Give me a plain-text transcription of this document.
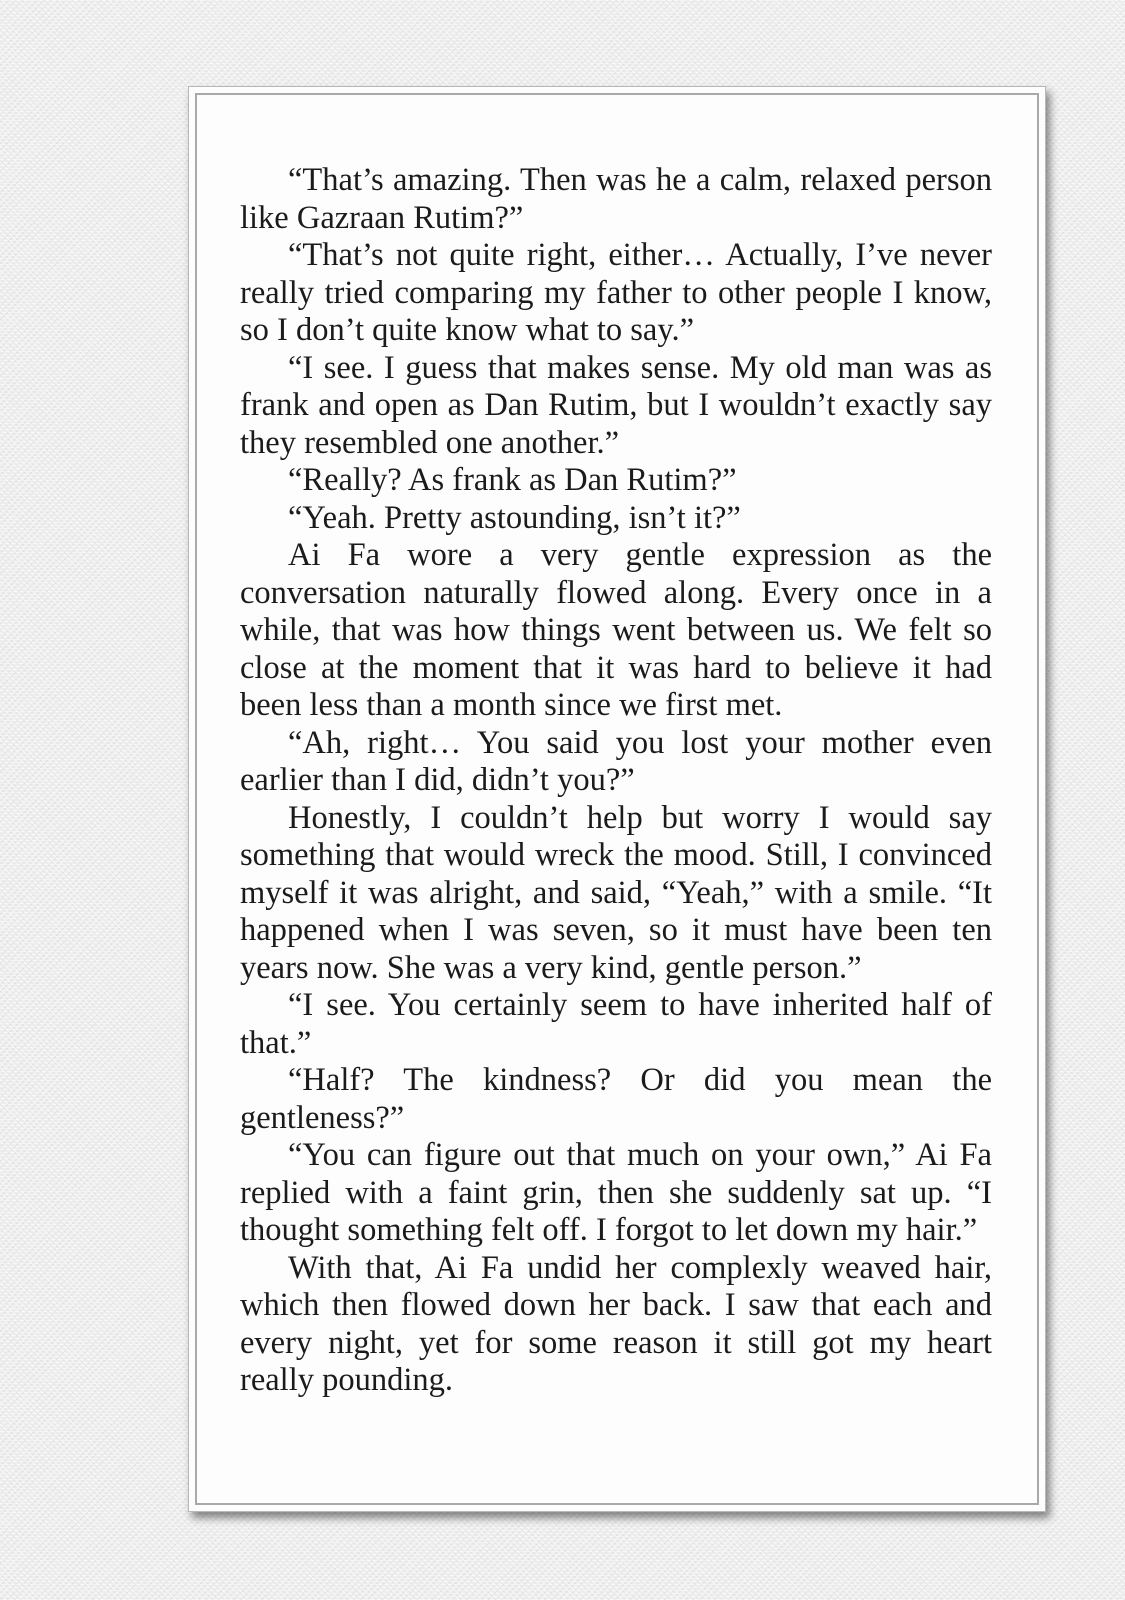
“That’s amazing. Then was he a calm, relaxed person like Gazraan Rutim?”

“That’s not quite right, either… Actually, I’ve never really tried comparing my father to other people I know, so I don’t quite know what to say.”

“I see. I guess that makes sense. My old man was as frank and open as Dan Rutim, but I wouldn’t exactly say they resembled one another.”

“Really? As frank as Dan Rutim?”

“Yeah. Pretty astounding, isn’t it?”

Ai Fa wore a very gentle expression as the conversation naturally flowed along. Every once in a while, that was how things went between us. We felt so close at the moment that it was hard to believe it had been less than a month since we first met.

“Ah, right… You said you lost your mother even earlier than I did, didn’t you?”

Honestly, I couldn’t help but worry I would say something that would wreck the mood. Still, I convinced myself it was alright, and said, “Yeah,” with a smile. “It happened when I was seven, so it must have been ten years now. She was a very kind, gentle person.”

“I see. You certainly seem to have inherited half of that.”

“Half? The kindness? Or did you mean the gentleness?”

“You can figure out that much on your own,” Ai Fa replied with a faint grin, then she suddenly sat up. “I thought something felt off. I forgot to let down my hair.”

With that, Ai Fa undid her complexly weaved hair, which then flowed down her back. I saw that each and every night, yet for some reason it still got my heart really pounding.
